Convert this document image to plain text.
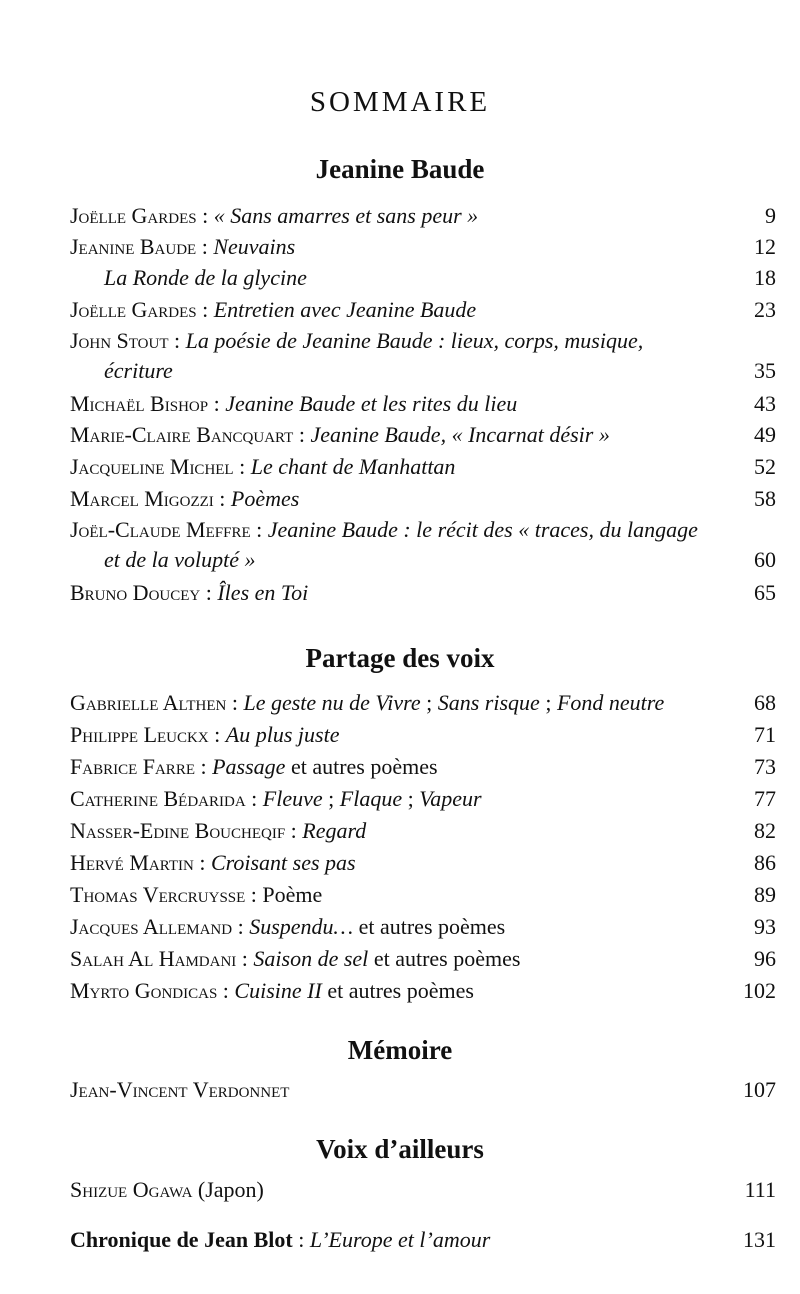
SOMMAIRE
Jeanine Baude
Joëlle Gardes : « Sans amarres et sans peur »	9
Jeanine Baude : Neuvains	12
La Ronde de la glycine	18
Joëlle Gardes : Entretien avec Jeanine Baude	23
John Stout : La poésie de Jeanine Baude : lieux, corps, musique,
écriture	35
Michaël Bishop : Jeanine Baude et les rites du lieu	43
Marie-Claire Bancquart : Jeanine Baude, « Incarnat désir »	49
Jacqueline Michel : Le chant de Manhattan	52
Marcel Migozzi : Poèmes	58
Joël-Claude Meffre : Jeanine Baude : le récit des « traces, du langage
et de la volupté »	60
Bruno Doucey : Îles en Toi	65
Partage des voix
Gabrielle Althen : Le geste nu de Vivre ; Sans risque ; Fond neutre	68
Philippe Leuckx : Au plus juste	71
Fabrice Farre : Passage et autres poèmes	73
Catherine Bédarida : Fleuve ; Flaque ; Vapeur	77
Nasser-Edine Boucheqif : Regard	82
Hervé Martin : Croisant ses pas	86
Thomas Vercruysse : Poème	89
Jacques Allemand : Suspendu… et autres poèmes	93
Salah Al Hamdani : Saison de sel et autres poèmes	96
Myrto Gondicas : Cuisine II et autres poèmes	102
Mémoire
Jean-Vincent Verdonnet	107
Voix d’ailleurs
Shizue Ogawa (Japon)	111
Chronique de Jean Blot : L’Europe et l’amour	131
